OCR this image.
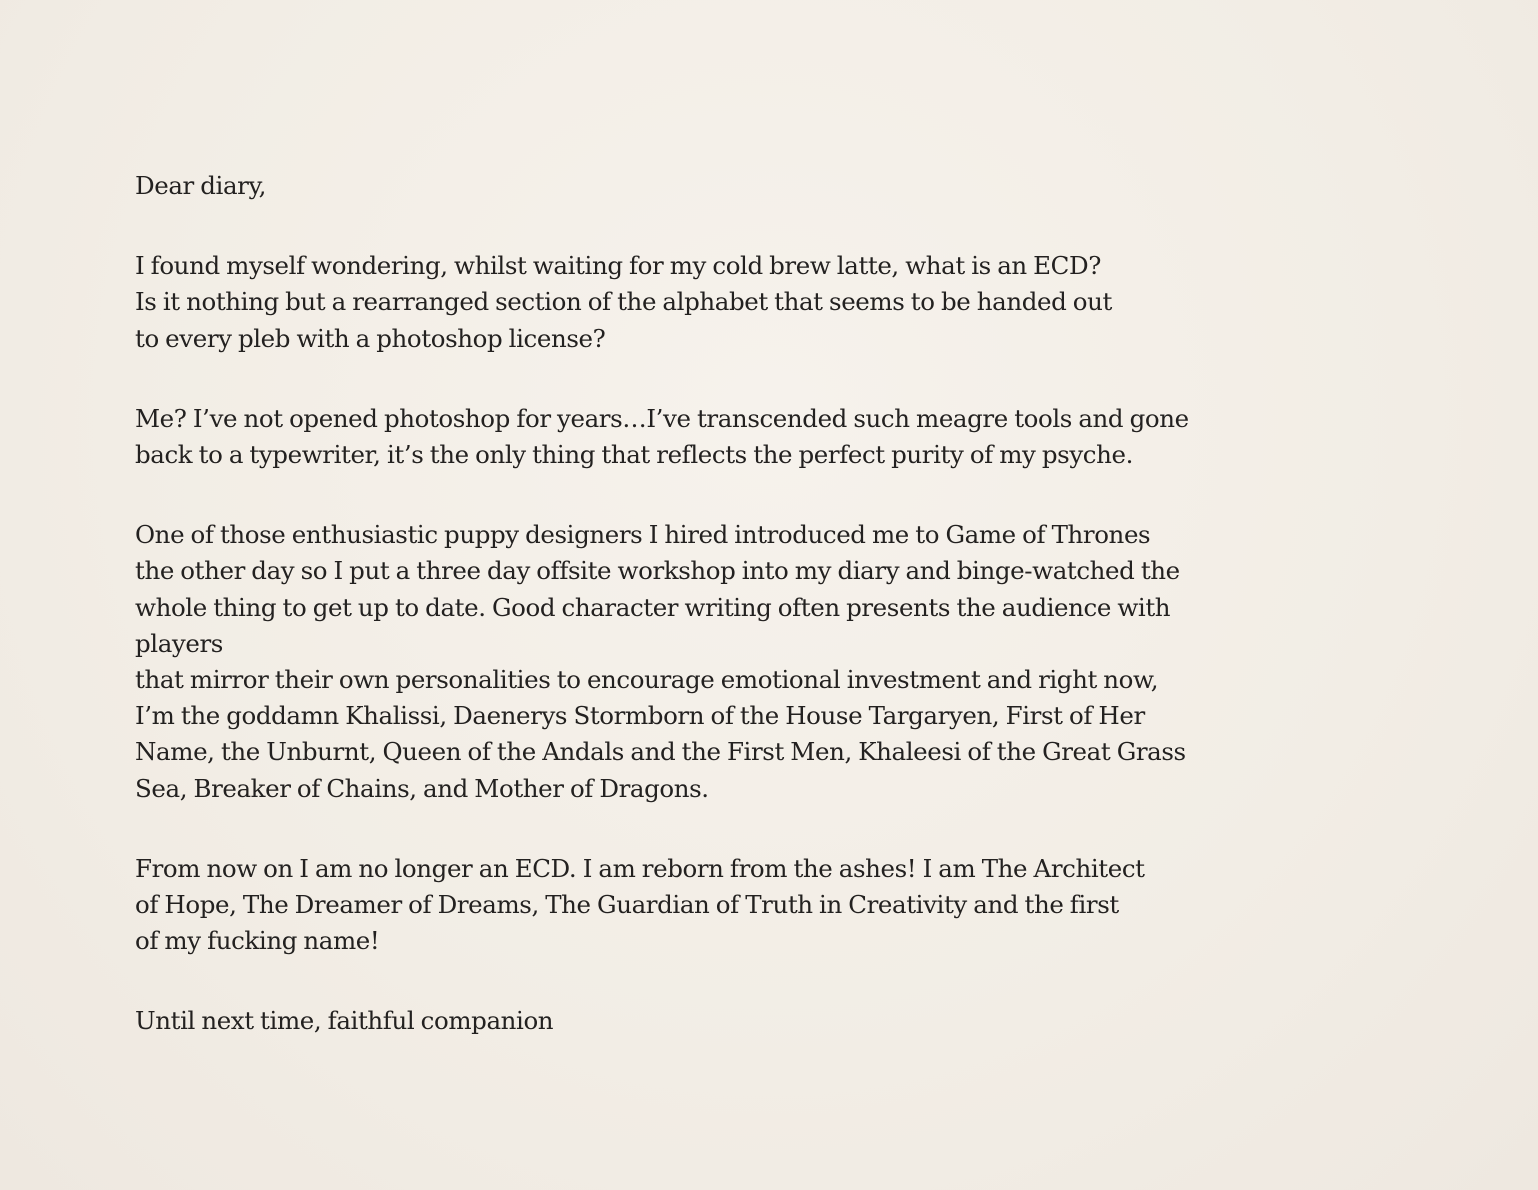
Dear diary,

I found myself wondering, whilst waiting for my cold brew latte, what is an ECD?
Is it nothing but a rearranged section of the alphabet that seems to be handed out
to every pleb with a photoshop license?

Me? I’ve not opened photoshop for years…I’ve transcended such meagre tools and gone
back to a typewriter, it’s the only thing that reflects the perfect purity of my psyche.

One of those enthusiastic puppy designers I hired introduced me to Game of Thrones
the other day so I put a three day offsite workshop into my diary and binge-watched the
whole thing to get up to date. Good character writing often presents the audience with
players
that mirror their own personalities to encourage emotional investment and right now,
I’m the goddamn Khalissi, Daenerys Stormborn of the House Targaryen, First of Her
Name, the Unburnt, Queen of the Andals and the First Men, Khaleesi of the Great Grass
Sea, Breaker of Chains, and Mother of Dragons.

From now on I am no longer an ECD. I am reborn from the ashes! I am The Architect
of Hope, The Dreamer of Dreams, The Guardian of Truth in Creativity and the first
of my fucking name!

Until next time, faithful companion
